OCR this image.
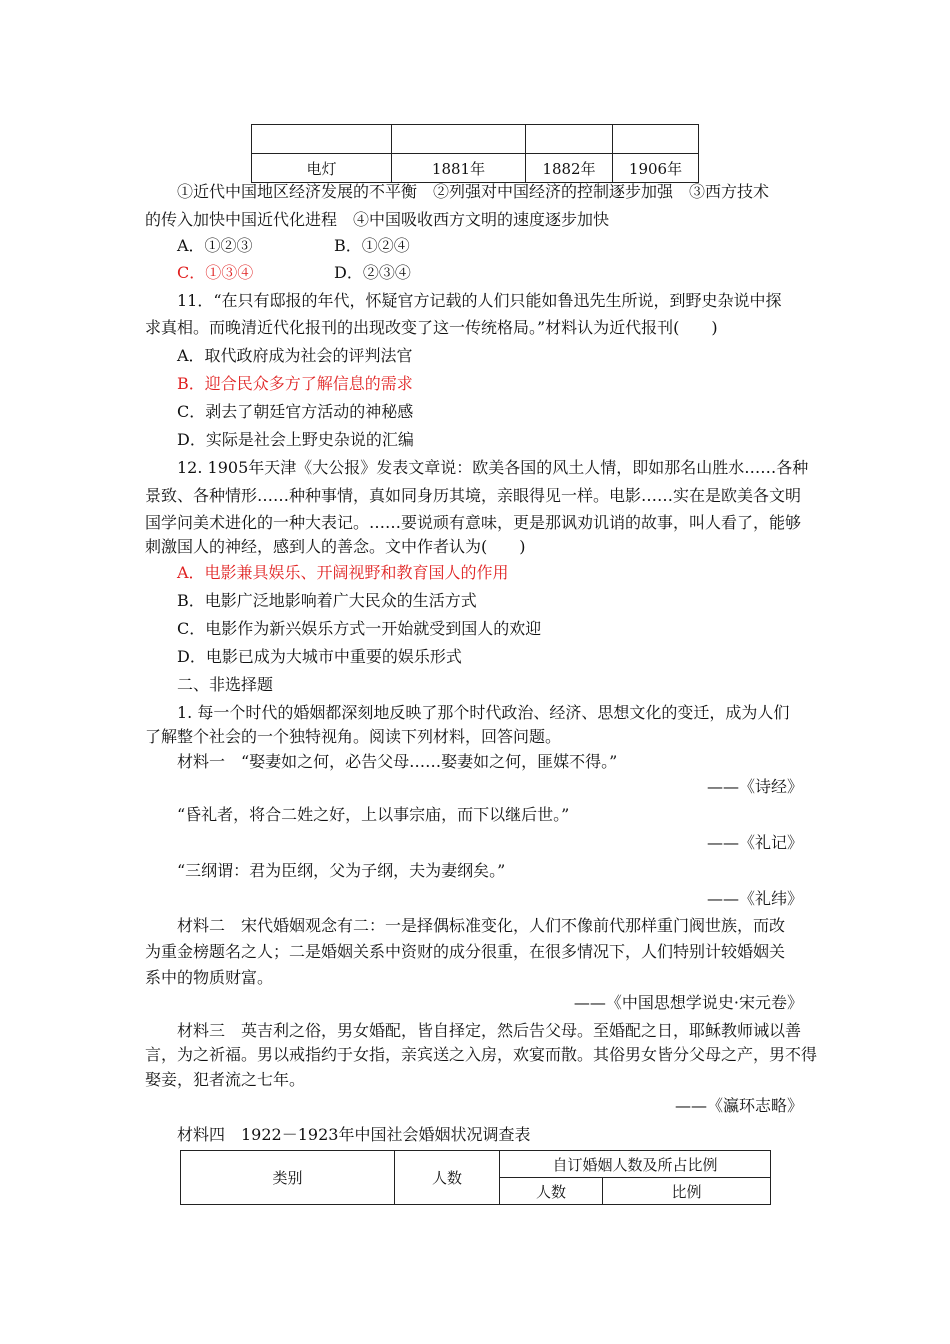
电灯	1881年	1882年	1906年
①近代中国地区经济发展的不平衡　②列强对中国经济的控制逐步加强　③西方技术
的传入加快中国近代化进程　④中国吸收西方文明的速度逐步加快
A．①②③	B．①②④
C．①③④	D．②③④
11．“在只有邸报的年代，怀疑官方记载的人们只能如鲁迅先生所说，到野史杂说中探
求真相。而晚清近代化报刊的出现改变了这一传统格局。”材料认为近代报刊(　　)
A．取代政府成为社会的评判法官
B．迎合民众多方了解信息的需求
C．剥去了朝廷官方活动的神秘感
D．实际是社会上野史杂说的汇编
12. 1905年天津《大公报》发表文章说：欧美各国的风土人情，即如那名山胜水……各种
景致、各种情形……种种事情，真如同身历其境，亲眼得见一样。电影……实在是欧美各文明
国学问美术进化的一种大表记。……要说顽有意味，更是那讽劝讥诮的故事，叫人看了，能够
刺激国人的神经，感到人的善念。文中作者认为(　　)
A．电影兼具娱乐、开阔视野和教育国人的作用
B．电影广泛地影响着广大民众的生活方式
C．电影作为新兴娱乐方式一开始就受到国人的欢迎
D．电影已成为大城市中重要的娱乐形式
二、非选择题
1. 每一个时代的婚姻都深刻地反映了那个时代政治、经济、思想文化的变迁，成为人们
了解整个社会的一个独特视角。阅读下列材料，回答问题。
材料一　“娶妻如之何，必告父母……娶妻如之何，匪媒不得。”
——《诗经》
“昏礼者，将合二姓之好，上以事宗庙，而下以继后世。”
——《礼记》
“三纲谓：君为臣纲，父为子纲，夫为妻纲矣。”
——《礼纬》
材料二　宋代婚姻观念有二：一是择偶标准变化，人们不像前代那样重门阀世族，而改
为重金榜题名之人；二是婚姻关系中资财的成分很重，在很多情况下，人们特别计较婚姻关
系中的物质财富。
——《中国思想学说史·宋元卷》
材料三　英吉利之俗，男女婚配，皆自择定，然后告父母。至婚配之日，耶稣教师诫以善
言，为之祈福。男以戒指约于女指，亲宾送之入房，欢宴而散。其俗男女皆分父母之产，男不得
娶妾，犯者流之七年。
——《瀛环志略》
材料四　1922－1923年中国社会婚姻状况调查表
类别	人数	自订婚姻人数及所占比例	
		人数	比例
